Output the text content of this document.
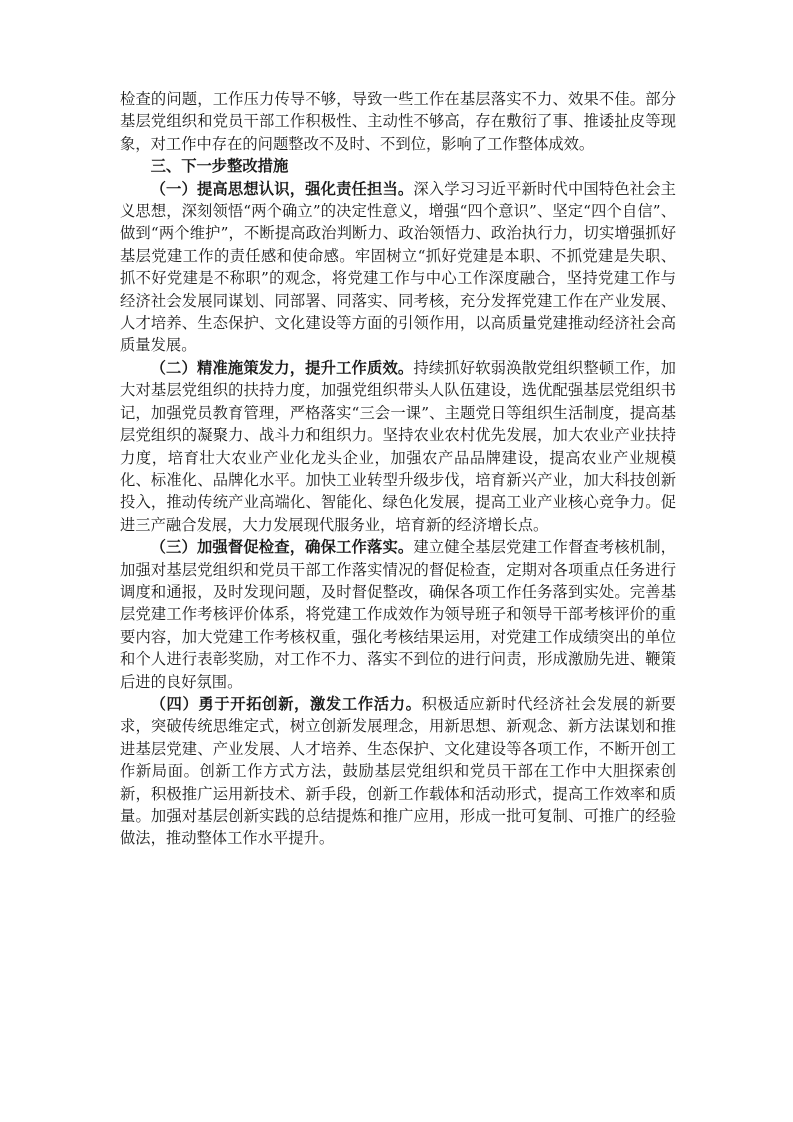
检查的问题，工作压力传导不够，导致一些工作在基层落实不力、效果不佳。部分基层党组织和党员干部工作积极性、主动性不够高，存在敷衍了事、推诿扯皮等现象，对工作中存在的问题整改不及时、不到位，影响了工作整体成效。

三、下一步整改措施

（一）提高思想认识，强化责任担当。深入学习习近平新时代中国特色社会主义思想，深刻领悟“两个确立”的决定性意义，增强“四个意识”、坚定“四个自信”、做到“两个维护”，不断提高政治判断力、政治领悟力、政治执行力，切实增强抓好基层党建工作的责任感和使命感。牢固树立“抓好党建是本职、不抓党建是失职、抓不好党建是不称职”的观念，将党建工作与中心工作深度融合，坚持党建工作与经济社会发展同谋划、同部署、同落实、同考核，充分发挥党建工作在产业发展、人才培养、生态保护、文化建设等方面的引领作用，以高质量党建推动经济社会高质量发展。

（二）精准施策发力，提升工作质效。持续抓好软弱涣散党组织整顿工作，加大对基层党组织的扶持力度，加强党组织带头人队伍建设，选优配强基层党组织书记，加强党员教育管理，严格落实“三会一课”、主题党日等组织生活制度，提高基层党组织的凝聚力、战斗力和组织力。坚持农业农村优先发展，加大农业产业扶持力度，培育壮大农业产业化龙头企业，加强农产品品牌建设，提高农业产业规模化、标准化、品牌化水平。加快工业转型升级步伐，培育新兴产业，加大科技创新投入，推动传统产业高端化、智能化、绿色化发展，提高工业产业核心竞争力。促进三产融合发展，大力发展现代服务业，培育新的经济增长点。

（三）加强督促检查，确保工作落实。建立健全基层党建工作督查考核机制，加强对基层党组织和党员干部工作落实情况的督促检查，定期对各项重点任务进行调度和通报，及时发现问题，及时督促整改，确保各项工作任务落到实处。完善基层党建工作考核评价体系，将党建工作成效作为领导班子和领导干部考核评价的重要内容，加大党建工作考核权重，强化考核结果运用，对党建工作成绩突出的单位和个人进行表彰奖励，对工作不力、落实不到位的进行问责，形成激励先进、鞭策后进的良好氛围。

（四）勇于开拓创新，激发工作活力。积极适应新时代经济社会发展的新要求，突破传统思维定式，树立创新发展理念，用新思想、新观念、新方法谋划和推进基层党建、产业发展、人才培养、生态保护、文化建设等各项工作，不断开创工作新局面。创新工作方式方法，鼓励基层党组织和党员干部在工作中大胆探索创新，积极推广运用新技术、新手段，创新工作载体和活动形式，提高工作效率和质量。加强对基层创新实践的总结提炼和推广应用，形成一批可复制、可推广的经验做法，推动整体工作水平提升。
